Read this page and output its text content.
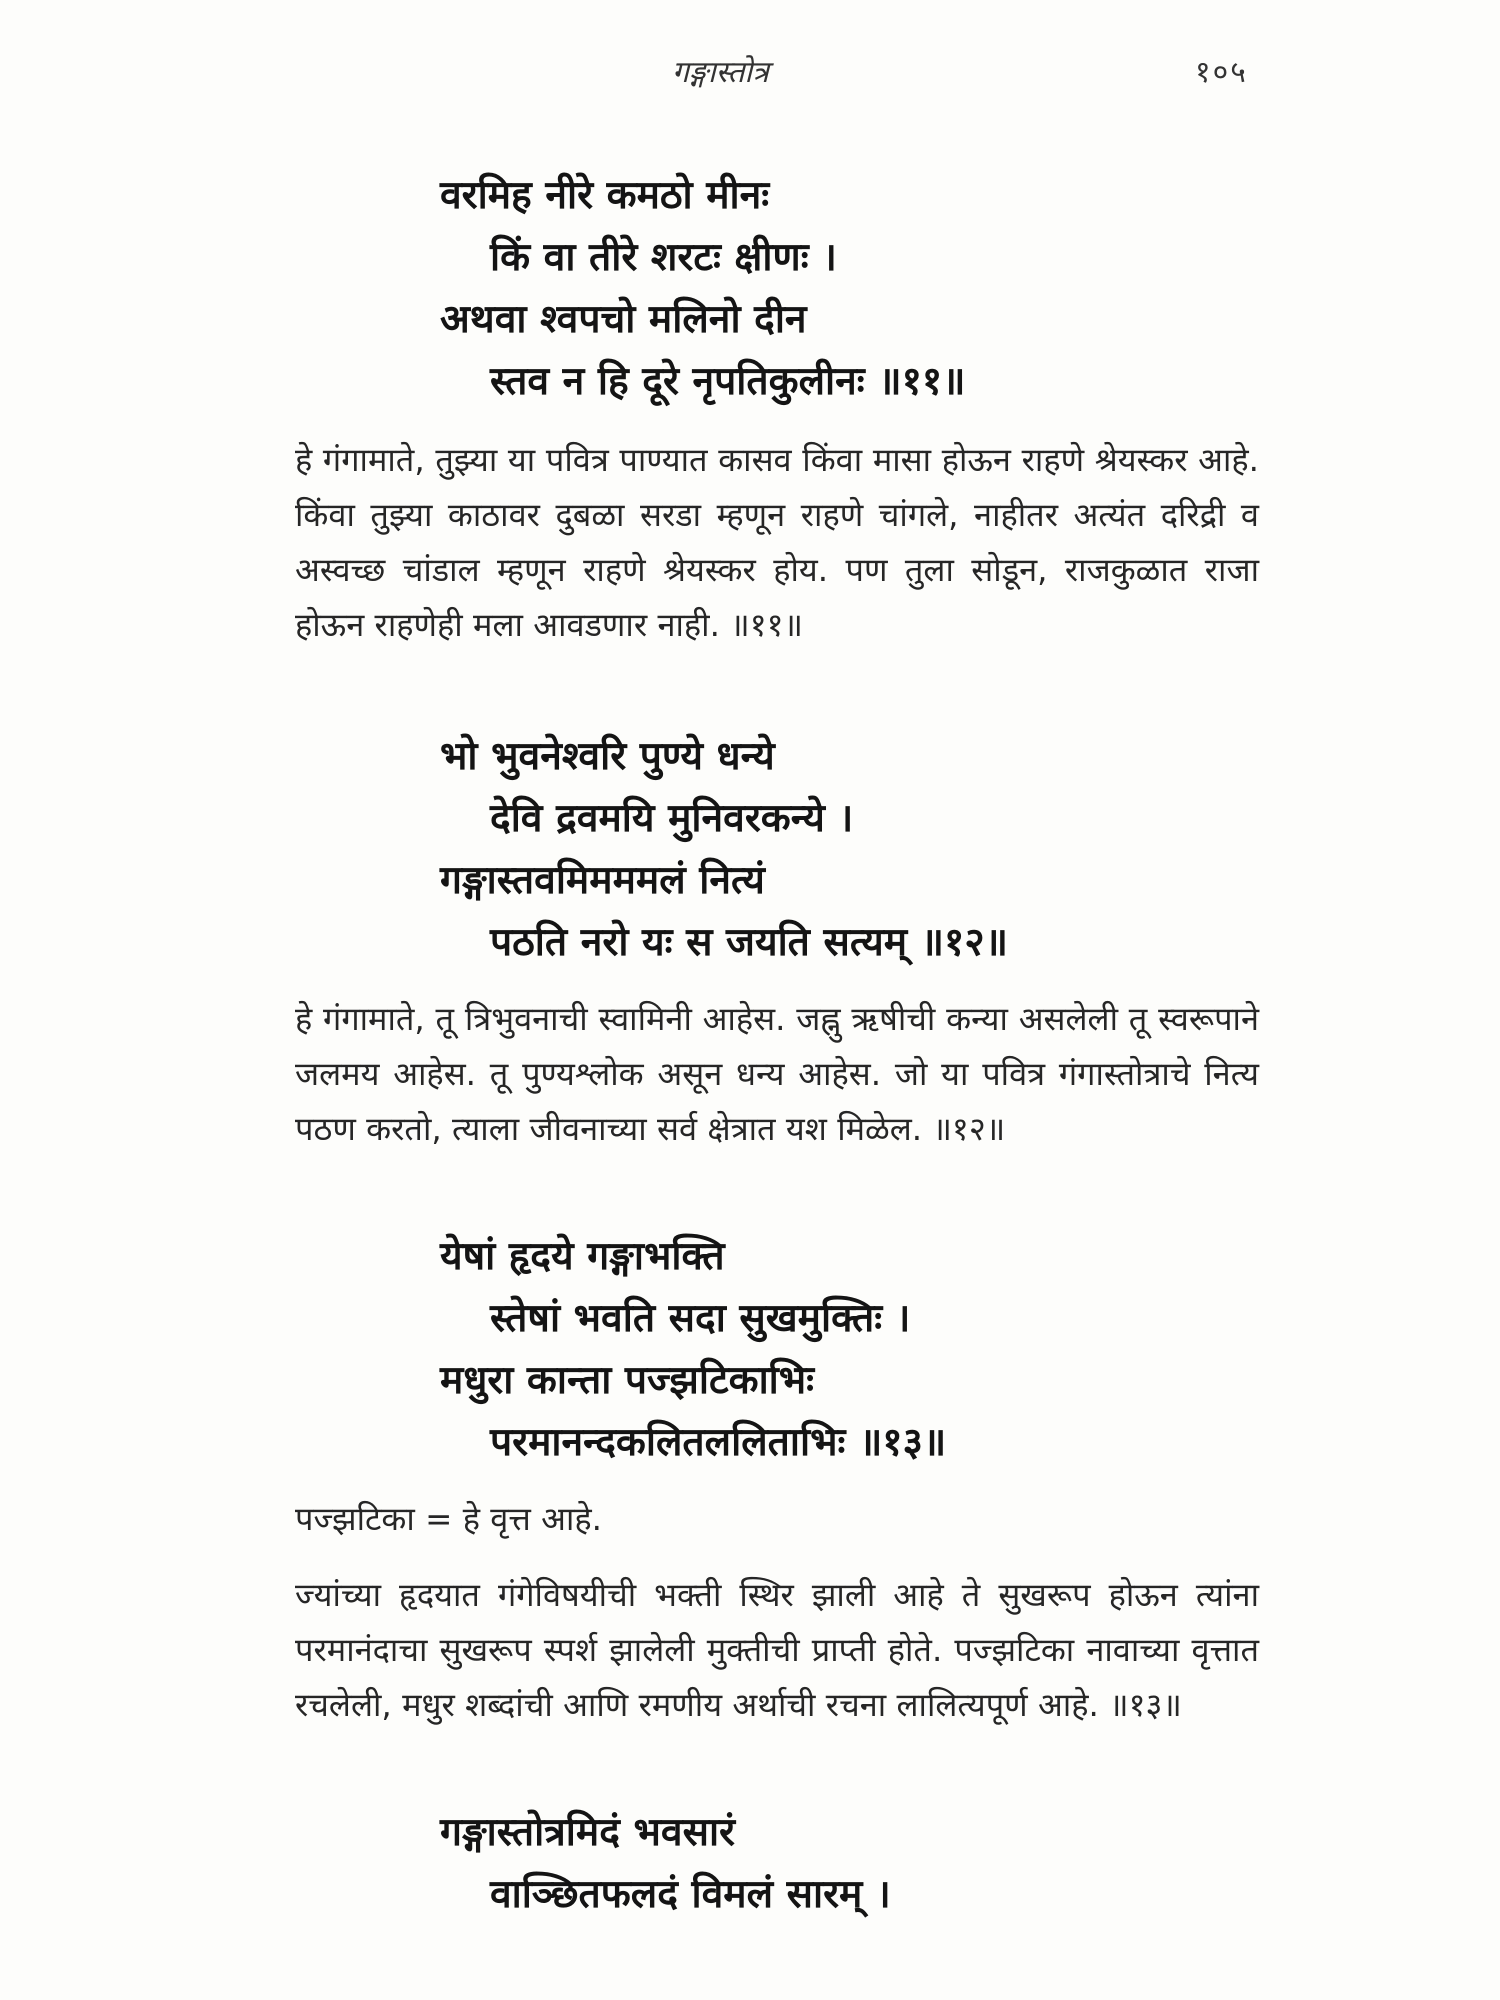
गङ्गास्तोत्र	१०५
वरमिह नीरे कमठो मीनः
किं वा तीरे शरटः क्षीणः ।
अथवा श्वपचो मलिनो दीन
स्तव न हि दूरे नृपतिकुलीनः ॥११॥
हे गंगामाते, तुझ्या या पवित्र पाण्यात कासव किंवा मासा होऊन राहणे श्रेयस्कर आहे. किंवा तुझ्या काठावर दुबळा सरडा म्हणून राहणे चांगले, नाहीतर अत्यंत दरिद्री व अस्वच्छ चांडाल म्हणून राहणे श्रेयस्कर होय. पण तुला सोडून, राजकुळात राजा होऊन राहणेही मला आवडणार नाही. ॥११॥
भो भुवनेश्वरि पुण्ये धन्ये
देवि द्रवमयि मुनिवरकन्ये ।
गङ्गास्तवमिमममलं नित्यं
पठति नरो यः स जयति सत्यम् ॥१२॥
हे गंगामाते, तू त्रिभुवनाची स्वामिनी आहेस. जह्नु ऋषीची कन्या असलेली तू स्वरूपाने जलमय आहेस. तू पुण्यश्लोक असून धन्य आहेस. जो या पवित्र गंगास्तोत्राचे नित्य पठण करतो, त्याला जीवनाच्या सर्व क्षेत्रात यश मिळेल. ॥१२॥
येषां हृदये गङ्गाभक्ति
स्तेषां भवति सदा सुखमुक्तिः ।
मधुरा कान्ता पज्झटिकाभिः
परमानन्दकलितललिताभिः ॥१३॥
पज्झटिका = हे वृत्त आहे.
ज्यांच्या हृदयात गंगेविषयीची भक्ती स्थिर झाली आहे ते सुखरूप होऊन त्यांना परमानंदाचा सुखरूप स्पर्श झालेली मुक्तीची प्राप्ती होते. पज्झटिका नावाच्या वृत्तात रचलेली, मधुर शब्दांची आणि रमणीय अर्थाची रचना लालित्यपूर्ण आहे. ॥१३॥
गङ्गास्तोत्रमिदं भवसारं
वाञ्छितफलदं विमलं सारम् ।
